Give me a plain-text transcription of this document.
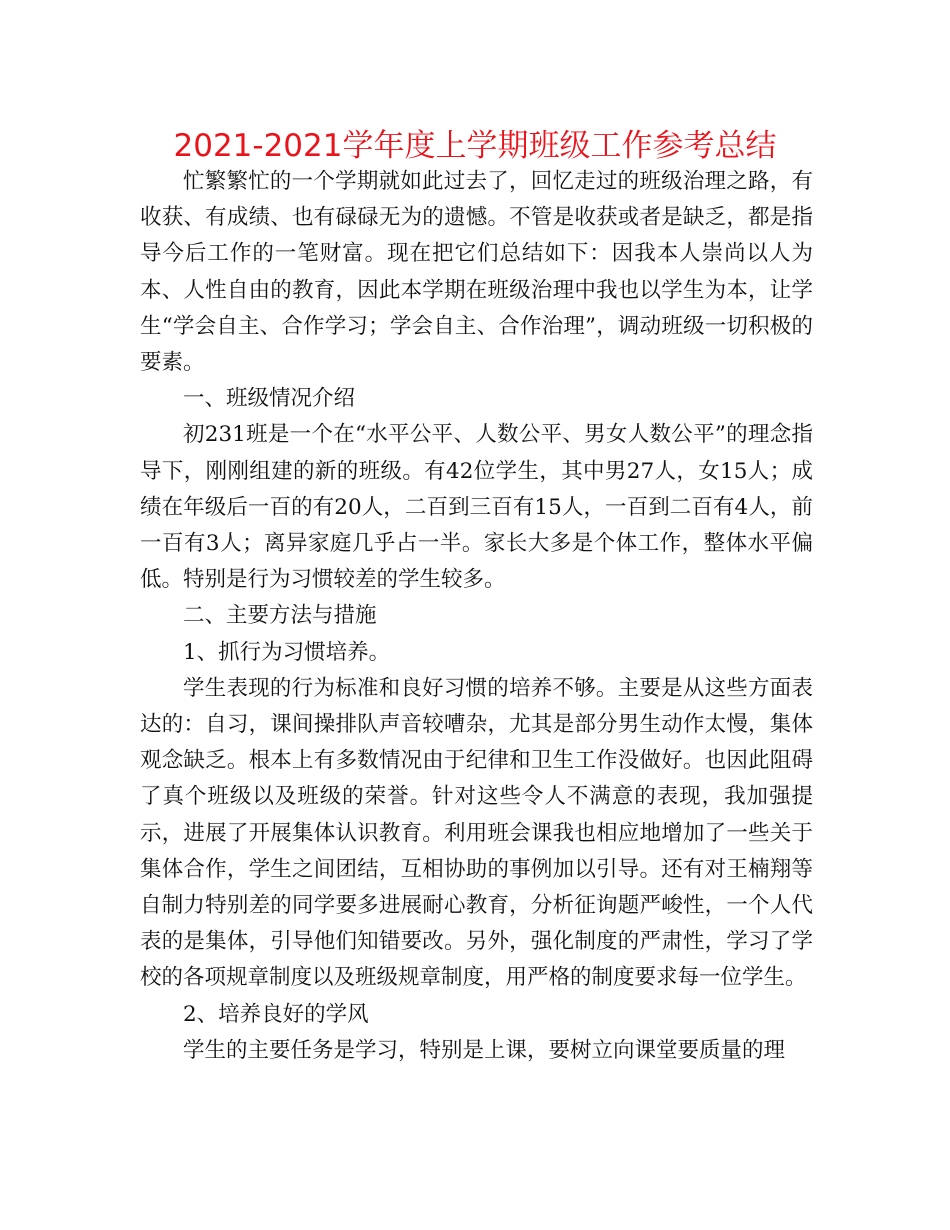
2021-2021学年度上学期班级工作参考总结

忙繁繁忙的一个学期就如此过去了，回忆走过的班级治理之路，有收获、有成绩、也有碌碌无为的遗憾。不管是收获或者是缺乏，都是指导今后工作的一笔财富。现在把它们总结如下：因我本人崇尚以人为本、人性自由的教育，因此本学期在班级治理中我也以学生为本，让学生“学会自主、合作学习；学会自主、合作治理”，调动班级一切积极的要素。

一、班级情况介绍

初231班是一个在“水平公平、人数公平、男女人数公平”的理念指导下，刚刚组建的新的班级。有42位学生，其中男27人，女15人；成绩在年级后一百的有20人，二百到三百有15人，一百到二百有4人，前一百有3人；离异家庭几乎占一半。家长大多是个体工作，整体水平偏低。特别是行为习惯较差的学生较多。

二、主要方法与措施

1、抓行为习惯培养。

学生表现的行为标准和良好习惯的培养不够。主要是从这些方面表达的：自习，课间操排队声音较嘈杂，尤其是部分男生动作太慢，集体观念缺乏。根本上有多数情况由于纪律和卫生工作没做好。也因此阻碍了真个班级以及班级的荣誉。针对这些令人不满意的表现，我加强提示，进展了开展集体认识教育。利用班会课我也相应地增加了一些关于集体合作，学生之间团结，互相协助的事例加以引导。还有对王楠翔等自制力特别差的同学要多进展耐心教育，分析征询题严峻性，一个人代表的是集体，引导他们知错要改。另外，强化制度的严肃性，学习了学校的各项规章制度以及班级规章制度，用严格的制度要求每一位学生。

2、培养良好的学风

学生的主要任务是学习，特别是上课，要树立向课堂要质量的理
